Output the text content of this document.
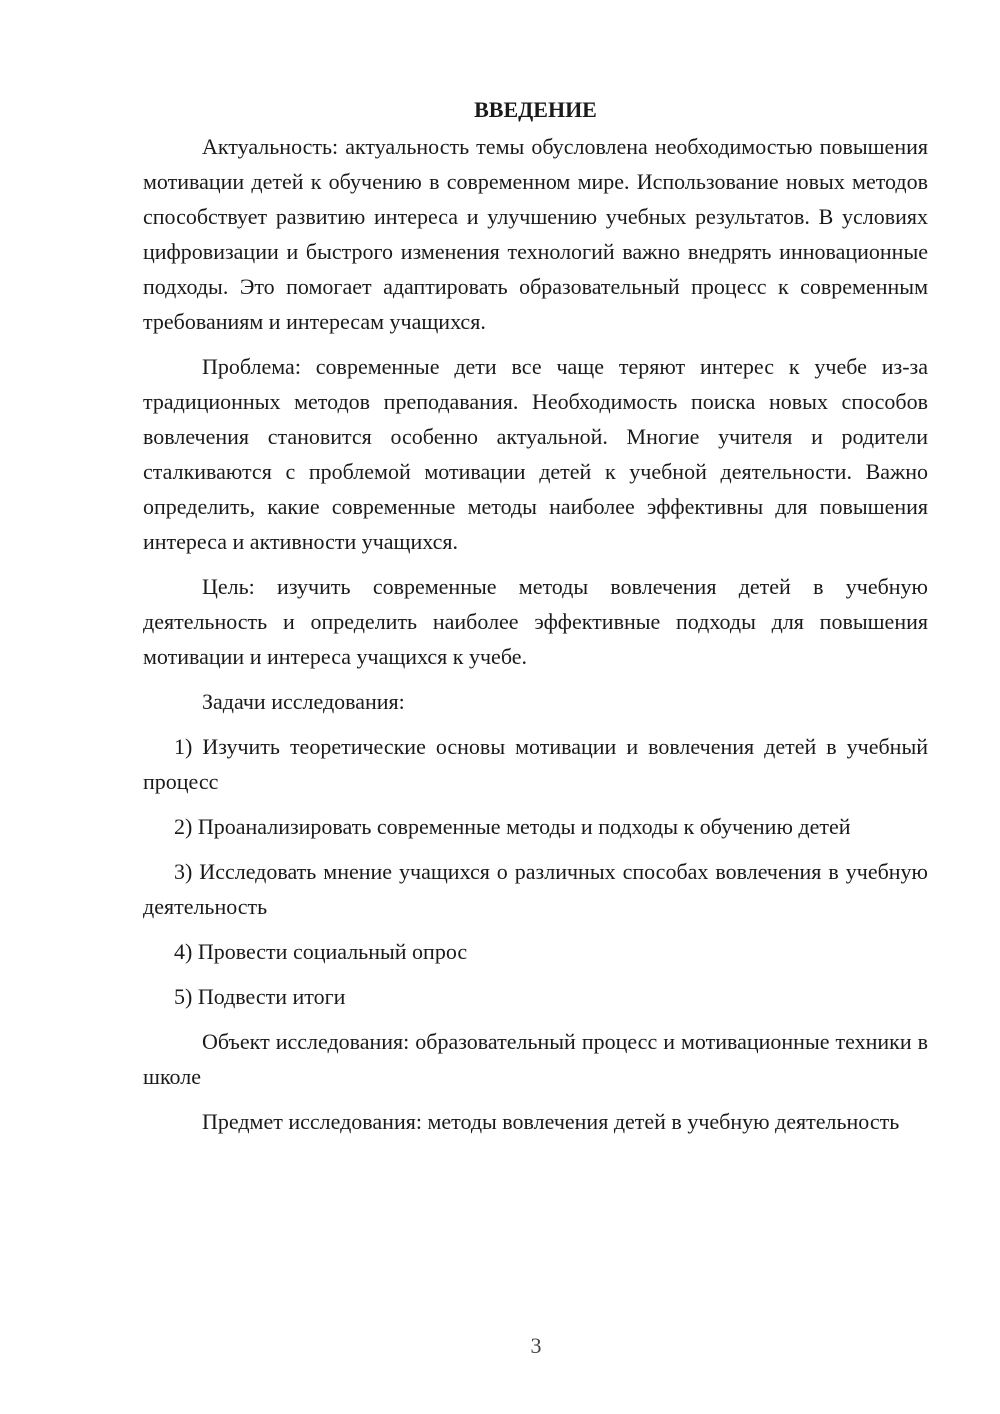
ВВЕДЕНИЕ

Актуальность: актуальность темы обусловлена необходимостью повышения мотивации детей к обучению в современном мире. Использование новых методов способствует развитию интереса и улучшению учебных результатов. В условиях цифровизации и быстрого изменения технологий важно внедрять инновационные подходы. Это помогает адаптировать образовательный процесс к современным требованиям и интересам учащихся.

Проблема: современные дети все чаще теряют интерес к учебе из-за традиционных методов преподавания. Необходимость поиска новых способов вовлечения становится особенно актуальной. Многие учителя и родители сталкиваются с проблемой мотивации детей к учебной деятельности. Важно определить, какие современные методы наиболее эффективны для повышения интереса и активности учащихся.

Цель: изучить современные методы вовлечения детей в учебную деятельность и определить наиболее эффективные подходы для повышения мотивации и интереса учащихся к учебе.

Задачи исследования:

1) Изучить теоретические основы мотивации и вовлечения детей в учебный процесс

2) Проанализировать современные методы и подходы к обучению детей

3) Исследовать мнение учащихся о различных способах вовлечения в учебную деятельность

4) Провести социальный опрос

5) Подвести итоги

Объект исследования: образовательный процесс и мотивационные техники в школе

Предмет исследования: методы вовлечения детей в учебную деятельность

3
